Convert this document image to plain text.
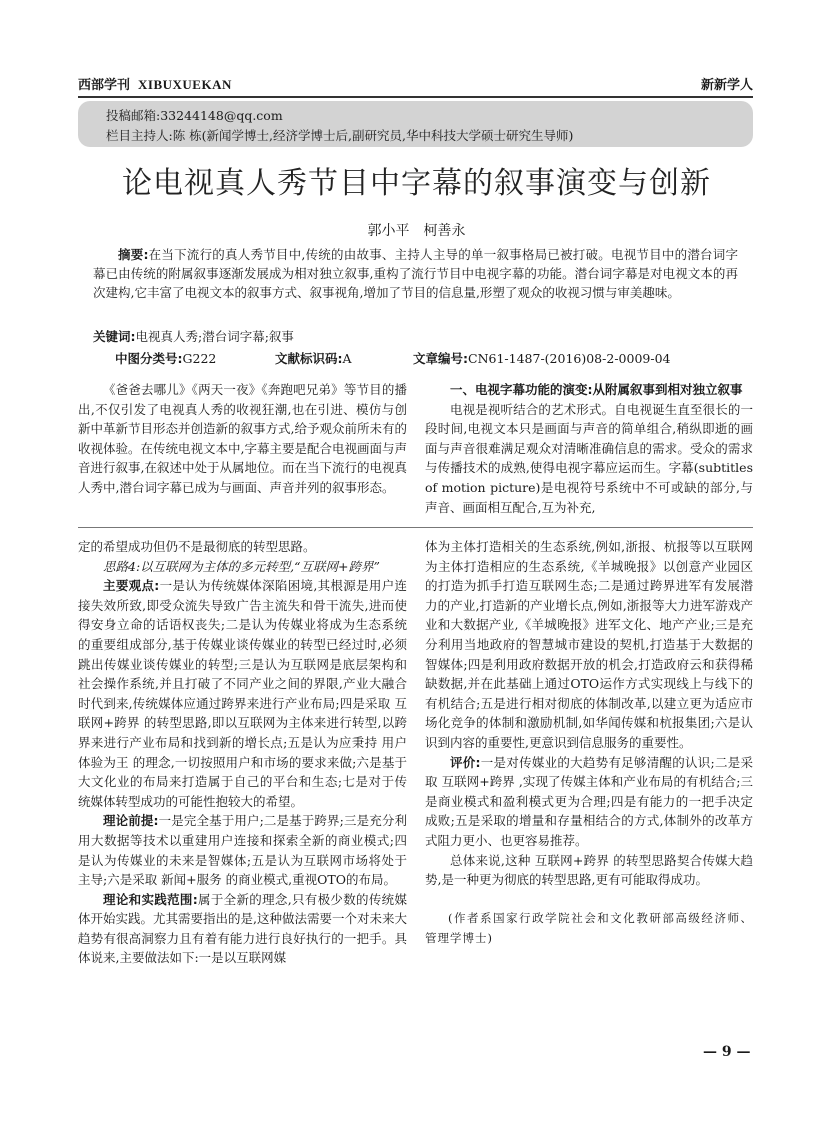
西部学刊 XIBUXUEKAN	新新学人
投稿邮箱:33244148@qq.com
栏目主持人:陈 栋(新闻学博士,经济学博士后,副研究员,华中科技大学硕士研究生导师)
论电视真人秀节目中字幕的叙事演变与创新
郭小平　柯善永
摘要:在当下流行的真人秀节目中,传统的由故事、主持人主导的单一叙事格局已被打破。电视节目中的潜台词字幕已由传统的附属叙事逐渐发展成为相对独立叙事,重构了流行节目中电视字幕的功能。潜台词字幕是对电视文本的再次建构,它丰富了电视文本的叙事方式、叙事视角,增加了节目的信息量,形塑了观众的收视习惯与审美趣味。
关键词:电视真人秀;潜台词字幕;叙事
中图分类号:G222	文献标识码:A	文章编号:CN61-1487-(2016)08-2-0009-04

《爸爸去哪儿》《两天一夜》《奔跑吧兄弟》等节目的播出,不仅引发了电视真人秀的收视狂潮,也在引进、模仿与创新中革新节目形态并创造新的叙事方式,给予观众前所未有的收视体验。在传统电视文本中,字幕主要是配合电视画面与声音进行叙事,在叙述中处于从属地位。而在当下流行的电视真人秀中,潜台词字幕已成为与画面、声音并列的叙事形态。

一、电视字幕功能的演变:从附属叙事到相对独立叙事

电视是视听结合的艺术形式。自电视诞生直至很长的一段时间,电视文本只是画面与声音的简单组合,稍纵即逝的画面与声音很难满足观众对清晰准确信息的需求。受众的需求与传播技术的成熟,使得电视字幕应运而生。字幕(subtitles of motion picture)是电视符号系统中不可或缺的部分,与声音、画面相互配合,互为补充,

定的希望成功但仍不是最彻底的转型思路。

思路4:以互联网为主体的多元转型,“互联网+跨界”

主要观点:一是认为传统媒体深陷困境,其根源是用户连接失效所致,即受众流失导致广告主流失和骨干流失,进而使得安身立命的话语权丧失;二是认为传媒业将成为生态系统的重要组成部分,基于传媒业谈传媒业的转型已经过时,必须跳出传媒业谈传媒业的转型;三是认为互联网是底层架构和社会操作系统,并且打破了不同产业之间的界限,产业大融合时代到来,传统媒体应通过跨界来进行产业布局;四是采取 互联网+跨界 的转型思路,即以互联网为主体来进行转型,以跨界来进行产业布局和找到新的增长点;五是认为应秉持 用户体验为王 的理念,一切按照用户和市场的要求来做;六是基于大文化业的布局来打造属于自己的平台和生态;七是对于传统媒体转型成功的可能性抱较大的希望。

理论前提:一是完全基于用户;二是基于跨界;三是充分利用大数据等技术以重建用户连接和探索全新的商业模式;四是认为传媒业的未来是智媒体;五是认为互联网市场将处于主导;六是采取 新闻+服务 的商业模式,重视OTO的布局。

理论和实践范围:属于全新的理念,只有极少数的传统媒体开始实践。尤其需要指出的是,这种做法需要一个对未来大趋势有很高洞察力且有着有能力进行良好执行的一把手。具体说来,主要做法如下:一是以互联网媒

体为主体打造相关的生态系统,例如,浙报、杭报等以互联网为主体打造相应的生态系统,《羊城晚报》以创意产业园区的打造为抓手打造互联网生态;二是通过跨界进军有发展潜力的产业,打造新的产业增长点,例如,浙报等大力进军游戏产业和大数据产业,《羊城晚报》进军文化、地产产业;三是充分利用当地政府的智慧城市建设的契机,打造基于大数据的智媒体;四是利用政府数据开放的机会,打造政府云和获得稀缺数据,并在此基础上通过OTO运作方式实现线上与线下的有机结合;五是进行相对彻底的体制改革,以建立更为适应市场化竞争的体制和激励机制,如华闻传媒和杭报集团;六是认识到内容的重要性,更意识到信息服务的重要性。

评价:一是对传媒业的大趋势有足够清醒的认识;二是采取 互联网+跨界 ,实现了传媒主体和产业布局的有机结合;三是商业模式和盈利模式更为合理;四是有能力的一把手决定成败;五是采取的增量和存量相结合的方式,体制外的改革方式阻力更小、也更容易推荐。

总体来说,这种 互联网+跨界 的转型思路契合传媒大趋势,是一种更为彻底的转型思路,更有可能取得成功。

(作者系国家行政学院社会和文化教研部高级经济师、管理学博士)

— 9 —
